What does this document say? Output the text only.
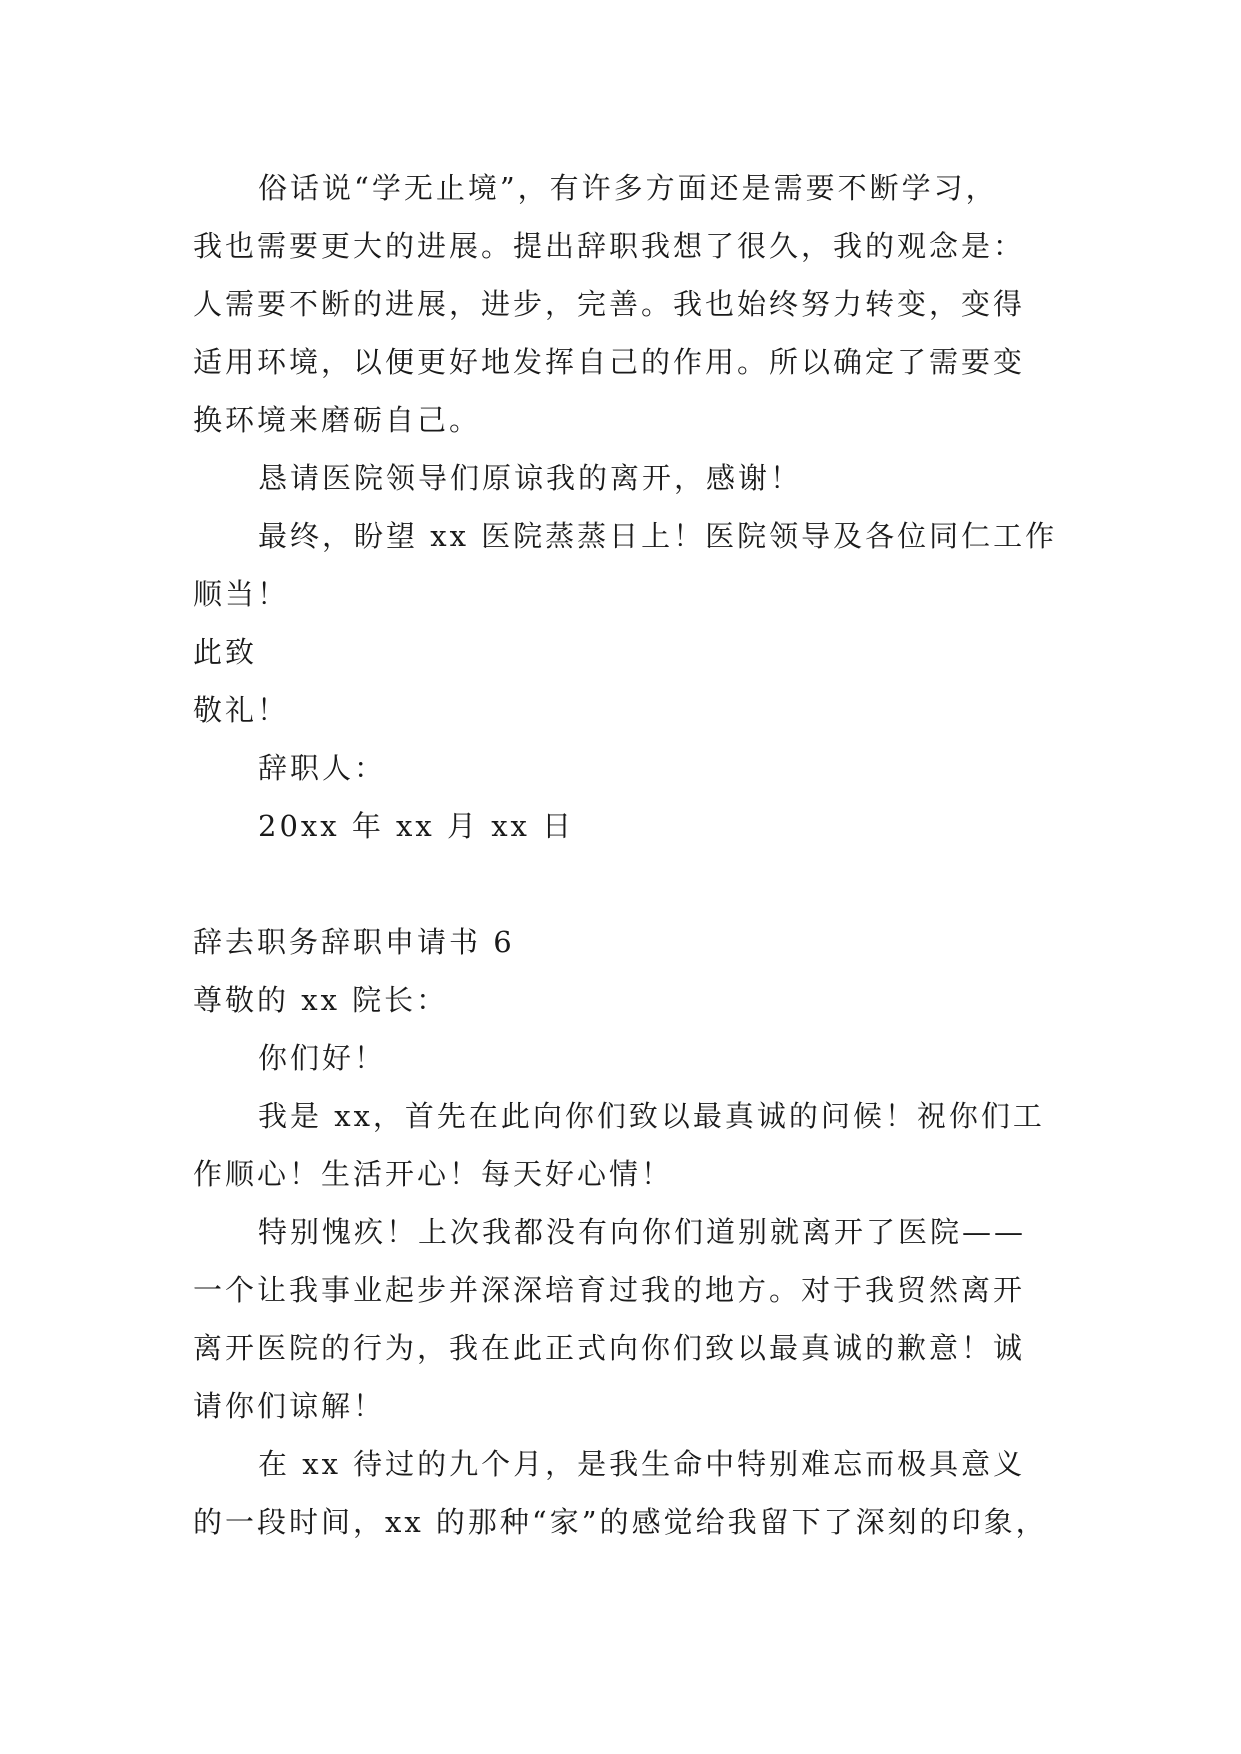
俗话说“学无止境”，有许多方面还是需要不断学习，
我也需要更大的进展。提出辞职我想了很久，我的观念是：
人需要不断的进展，进步，完善。我也始终努力转变，变得
适用环境，以便更好地发挥自己的作用。所以确定了需要变
换环境来磨砺自己。
恳请医院领导们原谅我的离开，感谢！
最终，盼望 xx 医院蒸蒸日上！医院领导及各位同仁工作
顺当！
此致
敬礼！
辞职人：
20xx 年 xx 月 xx 日
辞去职务辞职申请书 6
尊敬的 xx 院长：
你们好！
我是 xx，首先在此向你们致以最真诚的问候！祝你们工
作顺心！生活开心！每天好心情！
特别愧疚！上次我都没有向你们道别就离开了医院——
一个让我事业起步并深深培育过我的地方。对于我贸然离开
离开医院的行为，我在此正式向你们致以最真诚的歉意！诚
请你们谅解！
在 xx 待过的九个月，是我生命中特别难忘而极具意义
的一段时间，xx 的那种“家”的感觉给我留下了深刻的印象，
